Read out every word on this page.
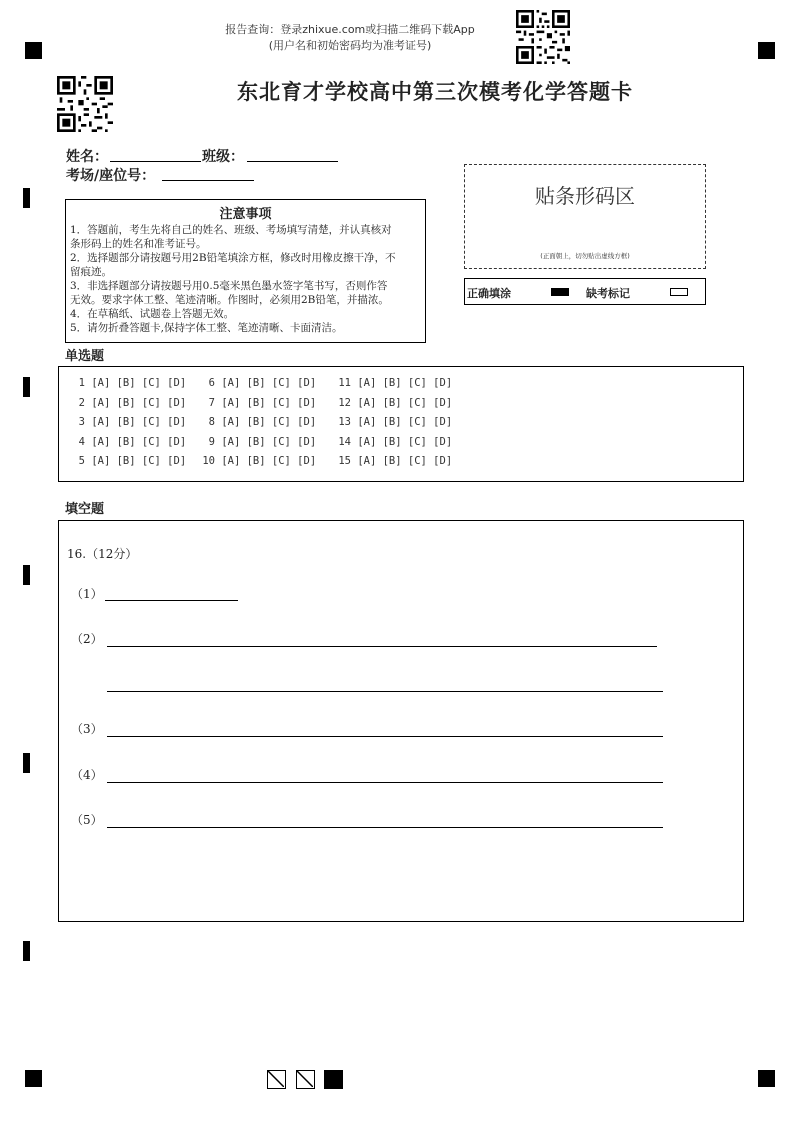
报告查询：登录zhixue.com或扫描二维码下载App
(用户名和初始密码均为准考证号)
东北育才学校高中第三次模考化学答题卡
姓名：	班级：
考场/座位号：
注意事项
1．答题前，考生先将自己的姓名、班级、考场填写清楚，并认真核对
条形码上的姓名和准考证号。
2．选择题部分请按题号用2B铅笔填涂方框，修改时用橡皮擦干净，不
留痕迹。
3．非选择题部分请按题号用0.5毫米黑色墨水签字笔书写，否则作答
无效。要求字体工整、笔迹清晰。作图时，必须用2B铅笔，并描浓。
4．在草稿纸、试题卷上答题无效。
5．请勿折叠答题卡,保持字体工整、笔迹清晰、卡面清洁。
贴条形码区
(正面朝上，切勿贴出虚线方框)
正确填涂	缺考标记
单选题
1 [A] [B] [C] [D]
2 [A] [B] [C] [D]
3 [A] [B] [C] [D]
4 [A] [B] [C] [D]
5 [A] [B] [C] [D]
6 [A] [B] [C] [D]
7 [A] [B] [C] [D]
8 [A] [B] [C] [D]
9 [A] [B] [C] [D]
10 [A] [B] [C] [D]
11 [A] [B] [C] [D]
12 [A] [B] [C] [D]
13 [A] [B] [C] [D]
14 [A] [B] [C] [D]
15 [A] [B] [C] [D]
填空题
16.（12分）
（1）
（2）
（3）
（4）
（5）
